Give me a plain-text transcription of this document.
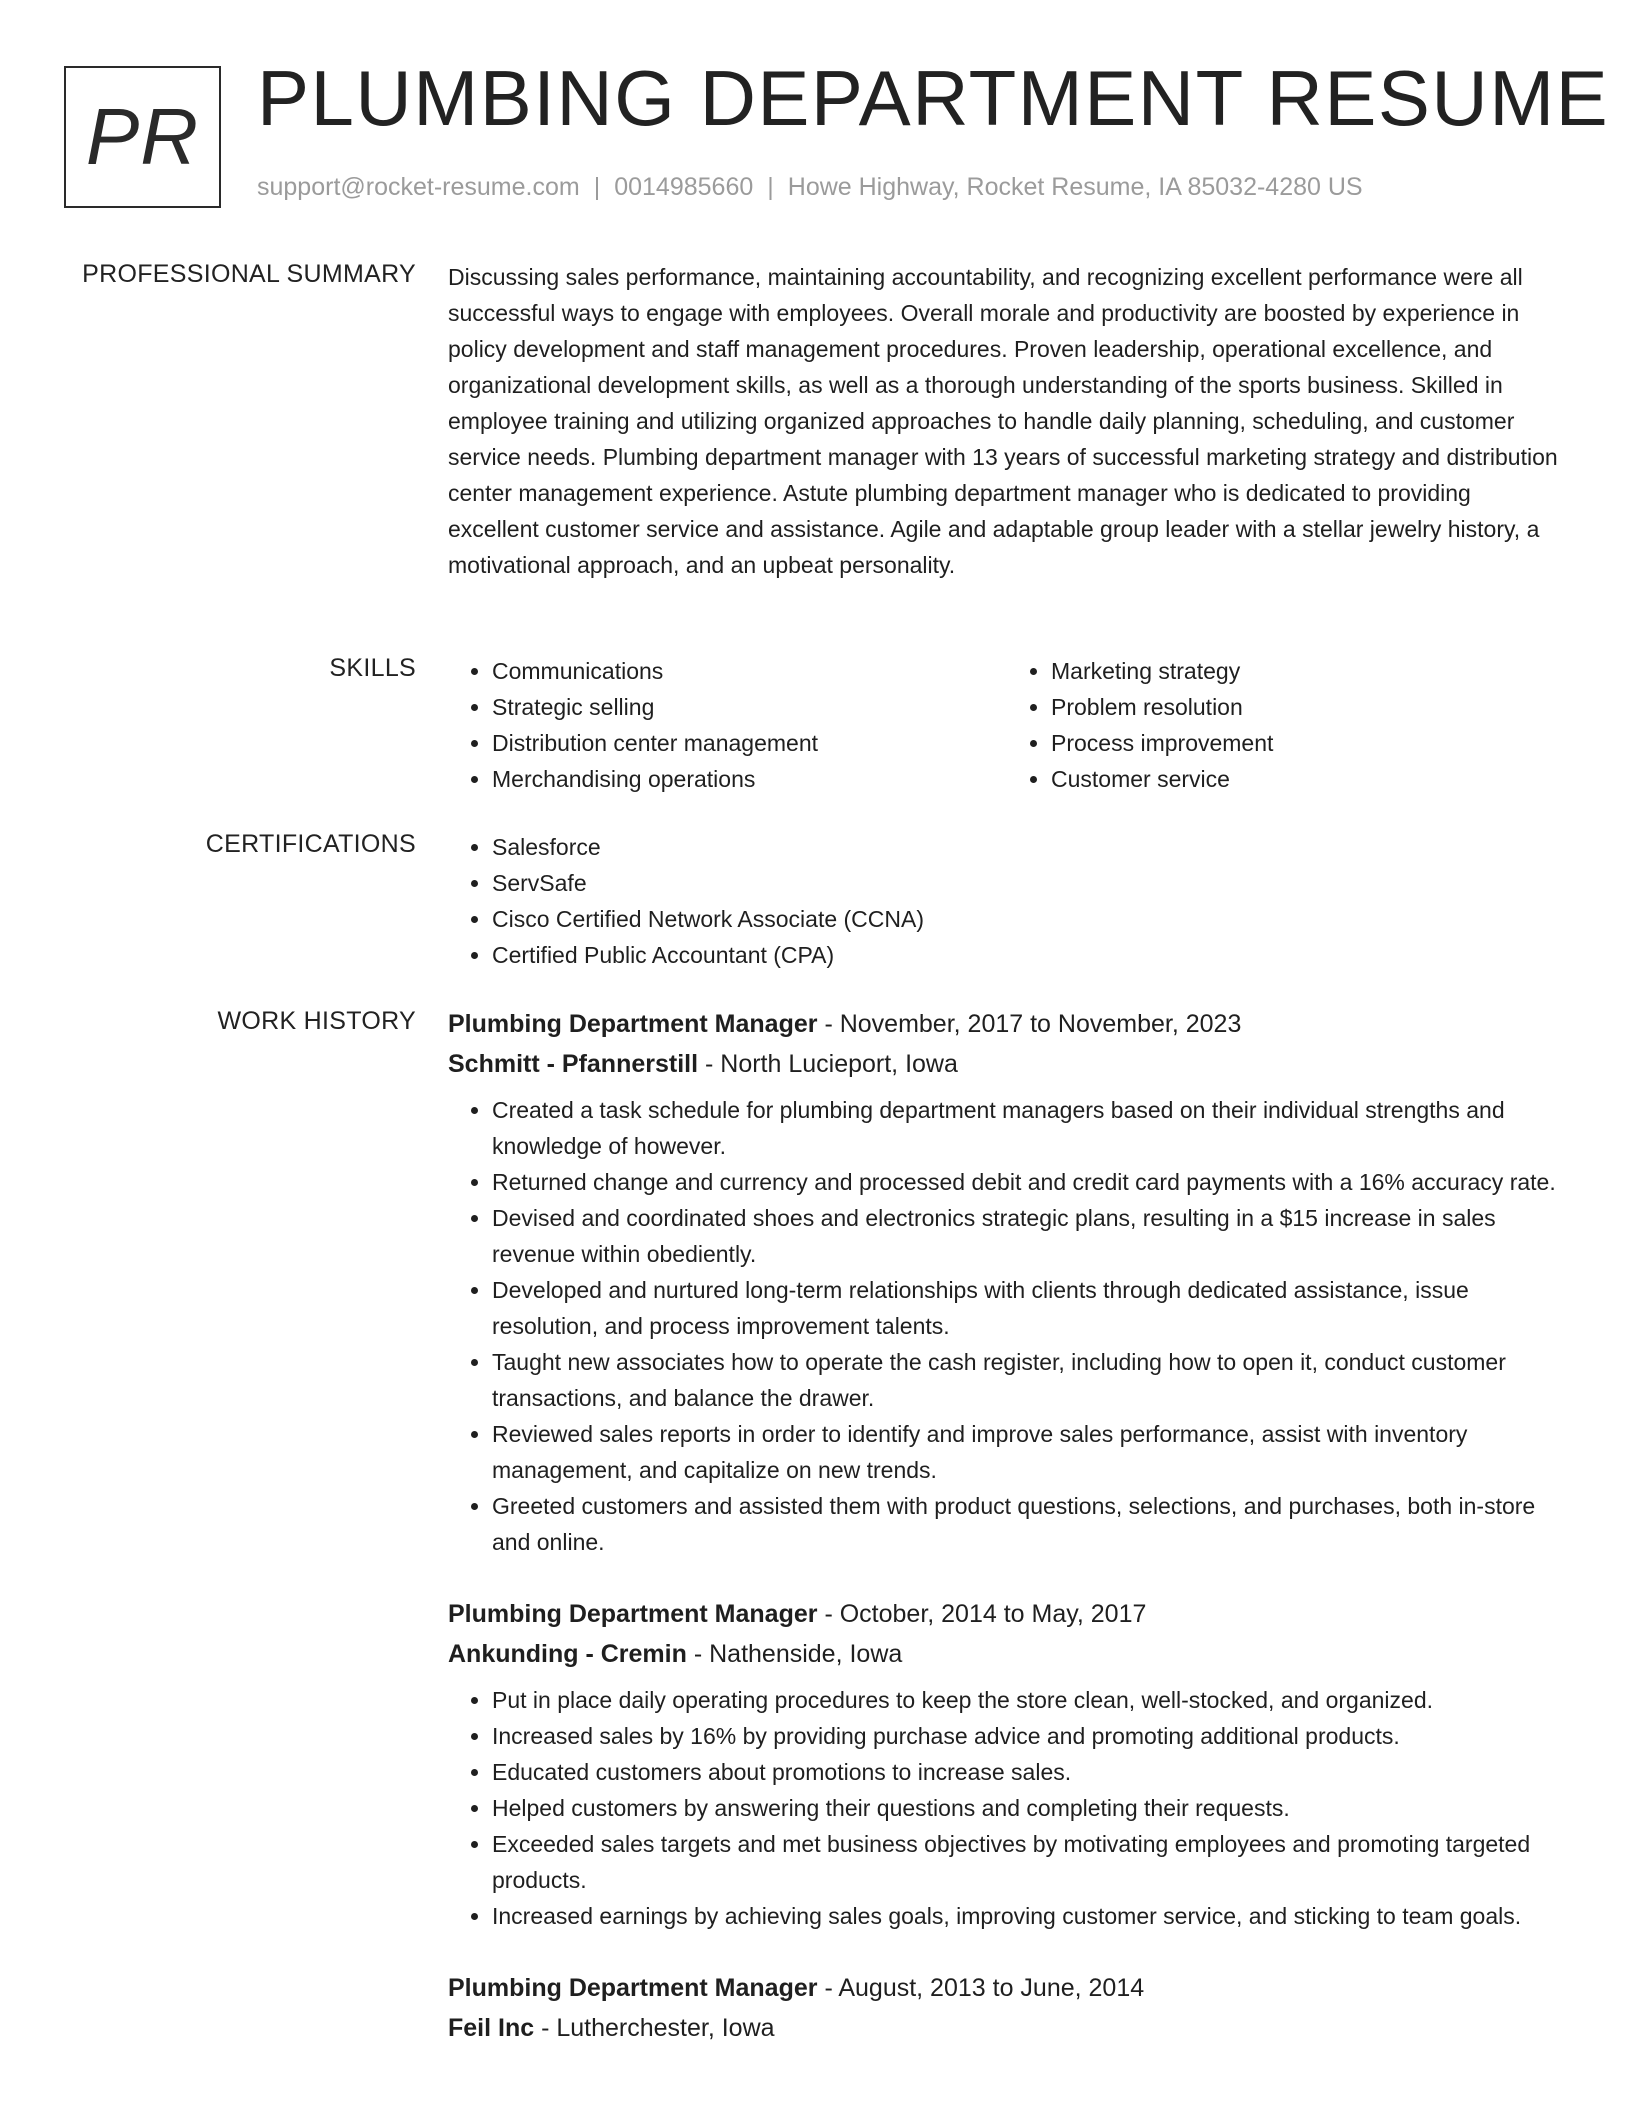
PR PLUMBING DEPARTMENT RESUME
support@rocket-resume.com | 0014985660 | Howe Highway, Rocket Resume, IA 85032-4280 US
PROFESSIONAL SUMMARY Discussing sales performance, maintaining accountability, and recognizing excellent performance were all successful ways to engage with employees. Overall morale and productivity are boosted by experience in policy development and staff management procedures. Proven leadership, operational excellence, and organizational development skills, as well as a thorough understanding of the sports business. Skilled in employee training and utilizing organized approaches to handle daily planning, scheduling, and customer service needs. Plumbing department manager with 13 years of successful marketing strategy and distribution center management experience. Astute plumbing department manager who is dedicated to providing excellent customer service and assistance. Agile and adaptable group leader with a stellar jewelry history, a motivational approach, and an upbeat personality.

SKILLS	• Communications
• Strategic selling
• Distribution center management
• Merchandising operations
• Marketing strategy
• Problem resolution
• Process improvement
• Customer service
CERTIFICATIONS	• Salesforce
• ServSafe
• Cisco Certified Network Associate (CCNA)
• Certified Public Accountant (CPA)
WORK HISTORY Plumbing Department Manager - November, 2017 to November, 2023
Schmitt - Pfannerstill - North Lucieport, Iowa
• Created a task schedule for plumbing department managers based on their individual strengths and knowledge of however.
• Returned change and currency and processed debit and credit card payments with a 16% accuracy rate.
• Devised and coordinated shoes and electronics strategic plans, resulting in a $15 increase in sales revenue within obediently.
• Developed and nurtured long-term relationships with clients through dedicated assistance, issue resolution, and process improvement talents.
• Taught new associates how to operate the cash register, including how to open it, conduct customer transactions, and balance the drawer.
• Reviewed sales reports in order to identify and improve sales performance, assist with inventory management, and capitalize on new trends.
• Greeted customers and assisted them with product questions, selections, and purchases, both in-store and online.
Plumbing Department Manager - October, 2014 to May, 2017
Ankunding - Cremin - Nathenside, Iowa
• Put in place daily operating procedures to keep the store clean, well-stocked, and organized.
• Increased sales by 16% by providing purchase advice and promoting additional products.
• Educated customers about promotions to increase sales.
• Helped customers by answering their questions and completing their requests.
• Exceeded sales targets and met business objectives by motivating employees and promoting targeted products.
• Increased earnings by achieving sales goals, improving customer service, and sticking to team goals.
Plumbing Department Manager - August, 2013 to June, 2014
Feil Inc - Lutherchester, Iowa
